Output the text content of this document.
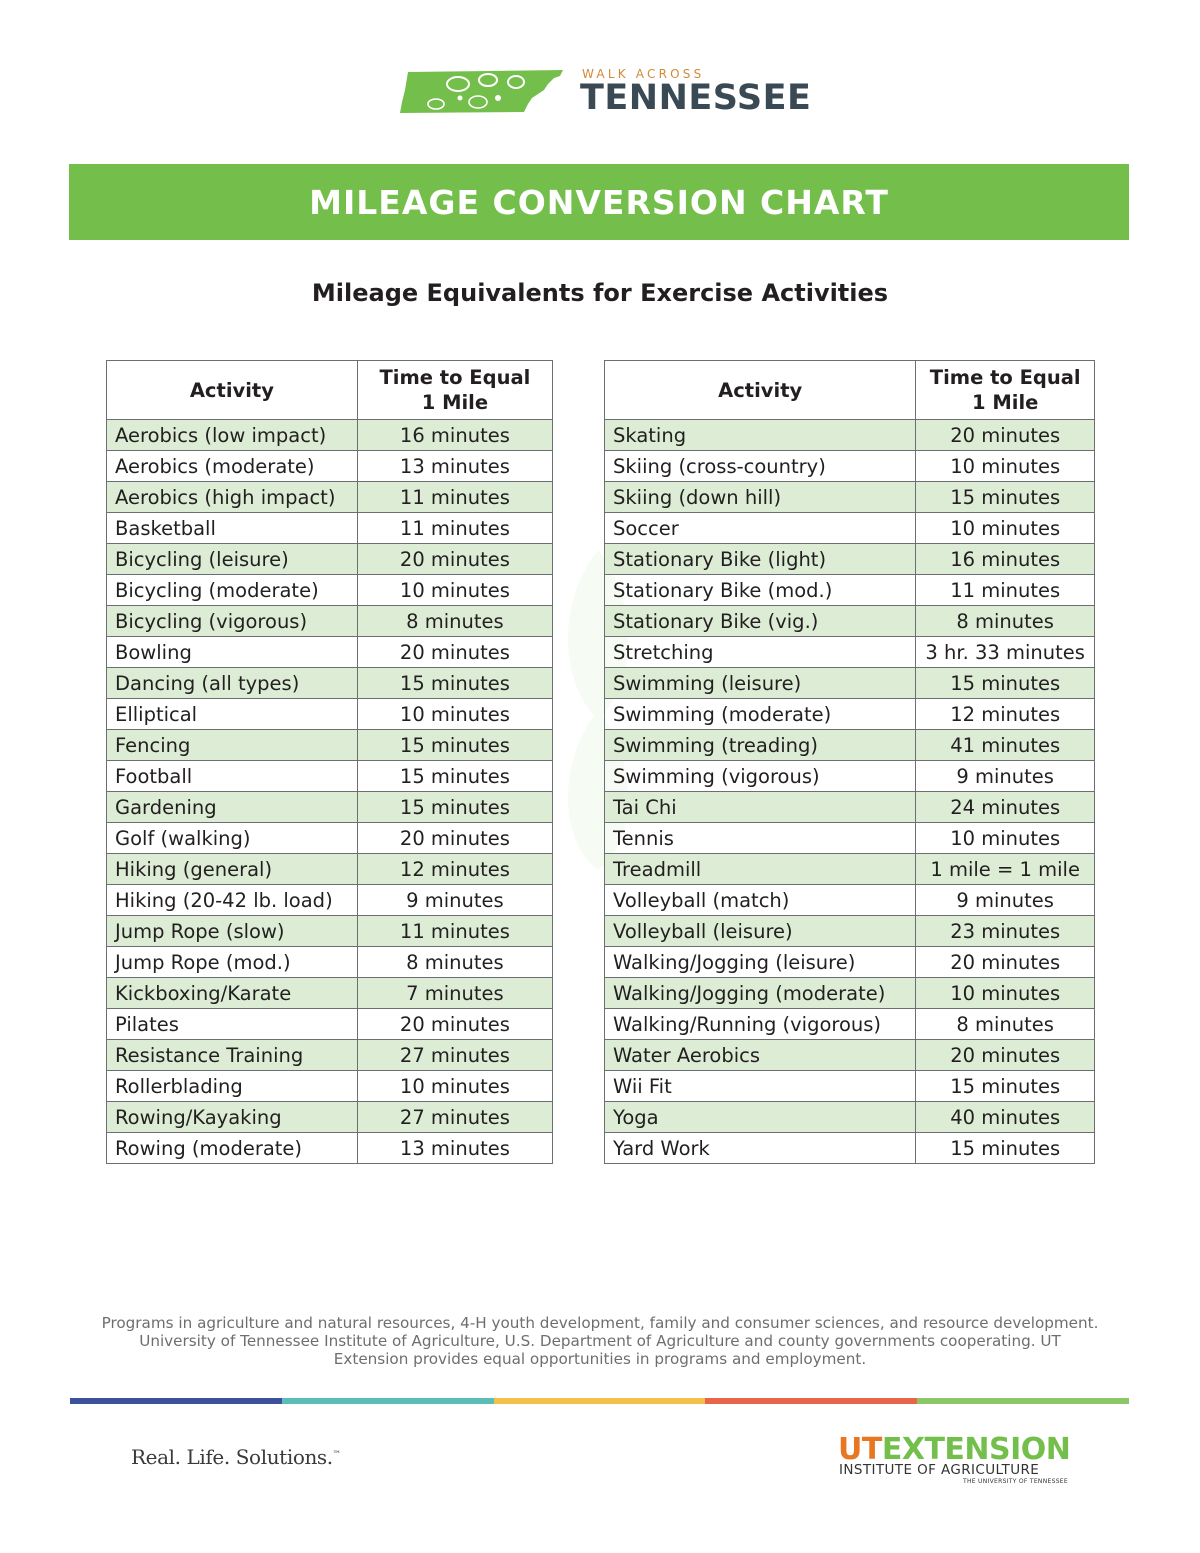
WALK ACROSS
TENNESSEE
MILEAGE CONVERSION CHART
Mileage Equivalents for Exercise Activities
Activity	Time to Equal
1 Mile
Aerobics (low impact)	16 minutes
Aerobics (moderate)	13 minutes
Aerobics (high impact)	11 minutes
Basketball	11 minutes
Bicycling (leisure)	20 minutes
Bicycling (moderate)	10 minutes
Bicycling (vigorous)	8 minutes
Bowling	20 minutes
Dancing (all types)	15 minutes
Elliptical	10 minutes
Fencing	15 minutes
Football	15 minutes
Gardening	15 minutes
Golf (walking)	20 minutes
Hiking (general)	12 minutes
Hiking (20-42 lb. load)	9 minutes
Jump Rope (slow)	11 minutes
Jump Rope (mod.)	8 minutes
Kickboxing/Karate	7 minutes
Pilates	20 minutes
Resistance Training	27 minutes
Rollerblading	10 minutes
Rowing/Kayaking	27 minutes
Rowing (moderate)	13 minutes
Activity	Time to Equal
1 Mile
Skating	20 minutes
Skiing (cross-country)	10 minutes
Skiing (down hill)	15 minutes
Soccer	10 minutes
Stationary Bike (light)	16 minutes
Stationary Bike (mod.)	11 minutes
Stationary Bike (vig.)	8 minutes
Stretching	3 hr. 33 minutes
Swimming (leisure)	15 minutes
Swimming (moderate)	12 minutes
Swimming (treading)	41 minutes
Swimming (vigorous)	9 minutes
Tai Chi	24 minutes
Tennis	10 minutes
Treadmill	1 mile = 1 mile
Volleyball (match)	9 minutes
Volleyball (leisure)	23 minutes
Walking/Jogging (leisure)	20 minutes
Walking/Jogging (moderate)	10 minutes
Walking/Running (vigorous)	8 minutes
Water Aerobics	20 minutes
Wii Fit	15 minutes
Yoga	40 minutes
Yard Work	15 minutes
Programs in agriculture and natural resources, 4-H youth development, family and consumer sciences, and resource development. University of Tennessee Institute of Agriculture, U.S. Department of Agriculture and county governments cooperating. UT Extension provides equal opportunities in programs and employment.
Real. Life. Solutions.™	UTEXTENSION
INSTITUTE OF AGRICULTURE
THE UNIVERSITY OF TENNESSEE
